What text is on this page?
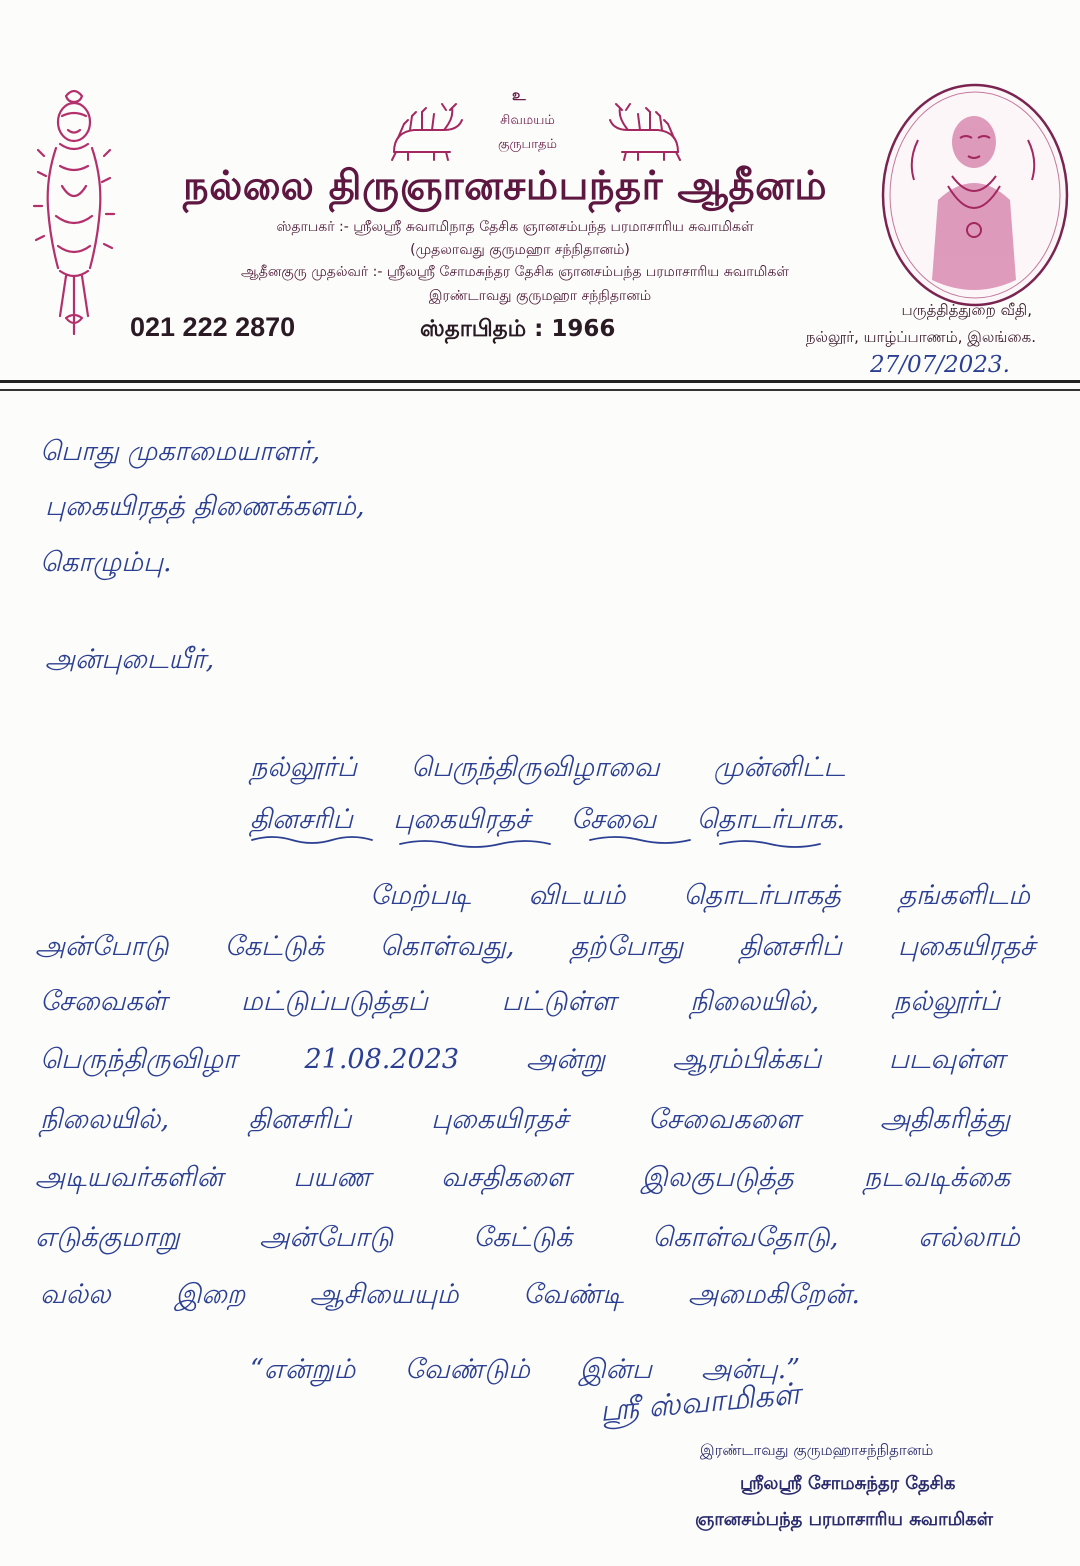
உ
சிவமயம்
குருபாதம்
நல்லை திருஞானசம்பந்தர் ஆதீனம்
ஸ்தாபகர் :- ஸ்ரீலஸ்ரீ சுவாமிநாத தேசிக ஞானசம்பந்த பரமாசாரிய சுவாமிகள்
(முதலாவது குருமஹா சந்நிதானம்)
ஆதீனகுரு முதல்வர் :- ஸ்ரீலஸ்ரீ சோமசுந்தர தேசிக ஞானசம்பந்த பரமாசாரிய சுவாமிகள்
இரண்டாவது குருமஹா சந்நிதானம்
021 222 2870	ஸ்தாபிதம் : 1966
பருத்தித்துறை வீதி,
நல்லூர், யாழ்ப்பாணம், இலங்கை.
27/07/2023.
பொது முகாமையாளர்,
புகையிரதத் திணைக்களம்,
கொழும்பு.
அன்புடையீர்,
நல்லூர்ப் பெருந்திருவிழாவை முன்னிட்ட
தினசரிப் புகையிரதச் சேவை தொடர்பாக.
மேற்படி விடயம் தொடர்பாகத் தங்களிடம்
அன்போடு கேட்டுக் கொள்வது, தற்போது தினசரிப் புகையிரதச்
சேவைகள் மட்டுப்படுத்தப் பட்டுள்ள நிலையில், நல்லூர்ப்
பெருந்திருவிழா 21.08.2023 அன்று ஆரம்பிக்கப் படவுள்ள
நிலையில், தினசரிப் புகையிரதச் சேவைகளை அதிகரித்து
அடியவர்களின் பயண வசதிகளை இலகுபடுத்த நடவடிக்கை
எடுக்குமாறு அன்போடு கேட்டுக் கொள்வதோடு, எல்லாம்
வல்ல இறை ஆசியையும் வேண்டி அமைகிறேன்.
“என்றும் வேண்டும் இன்ப அன்பு.”
ஸ்ரீ ஸ்வாமிகள்
இரண்டாவது குருமஹாசந்நிதானம்
ஸ்ரீலஸ்ரீ சோமசுந்தர தேசிக
ஞானசம்பந்த பரமாசாரிய சுவாமிகள்
